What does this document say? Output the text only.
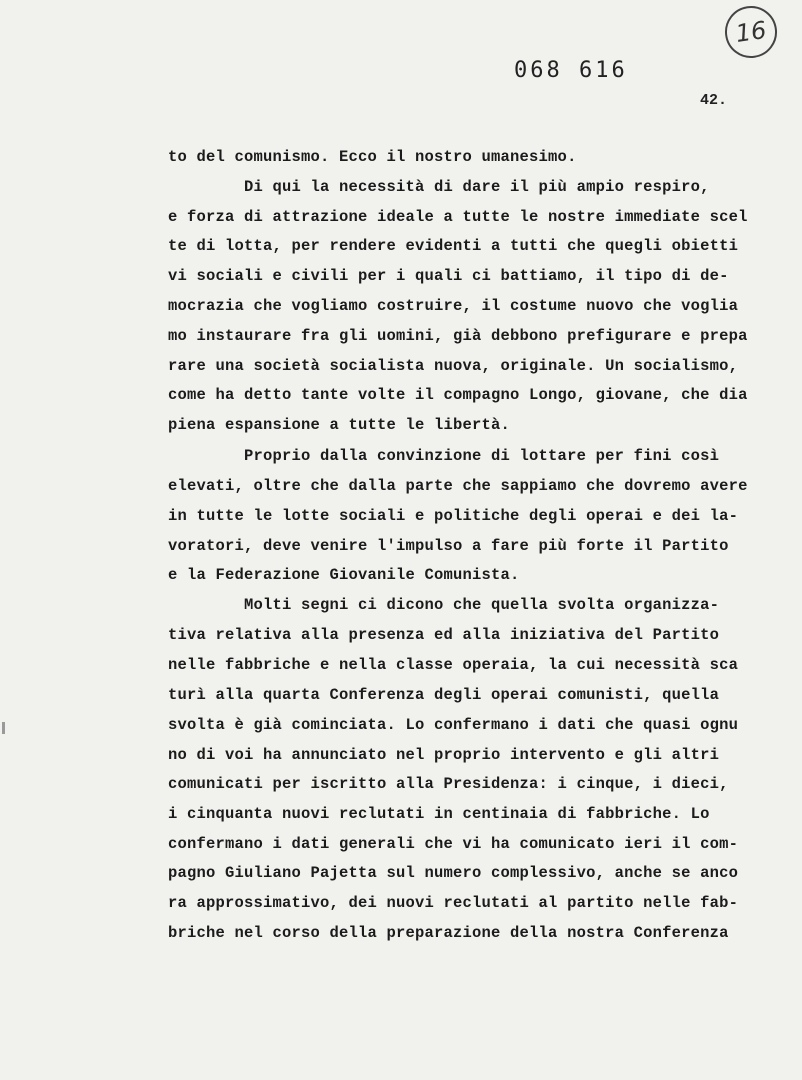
16
068 616
42.

to del comunismo. Ecco il nostro umanesimo.

Di qui la necessità di dare il più ampio respiro,

e forza di attrazione ideale a tutte le nostre immediate scel

te di lotta, per rendere evidenti a tutti che quegli obietti

vi sociali e civili per i quali ci battiamo, il tipo di de-

mocrazia che vogliamo costruire, il costume nuovo che voglia

mo instaurare fra gli uomini, già debbono prefigurare e prepa

rare una società socialista nuova, originale. Un socialismo,

come ha detto tante volte il compagno Longo, giovane, che dia

piena espansione a tutte le libertà.

Proprio dalla convinzione di lottare per fini così

elevati, oltre che dalla parte che sappiamo che dovremo avere

in tutte le lotte sociali e politiche degli operai e dei la-

voratori, deve venire l'impulso a fare più forte il Partito

e la Federazione Giovanile Comunista.

Molti segni ci dicono che quella svolta organizza-

tiva relativa alla presenza ed alla iniziativa del Partito

nelle fabbriche e nella classe operaia, la cui necessità sca

turì alla quarta Conferenza degli operai comunisti, quella

svolta è già cominciata. Lo confermano i dati che quasi ognu

no di voi ha annunciato nel proprio intervento e gli altri

comunicati per iscritto alla Presidenza: i cinque, i dieci,

i cinquanta nuovi reclutati in centinaia di fabbriche. Lo

confermano i dati generali che vi ha comunicato ieri il com-

pagno Giuliano Pajetta sul numero complessivo, anche se anco

ra approssimativo, dei nuovi reclutati al partito nelle fab-

briche nel corso della preparazione della nostra Conferenza
